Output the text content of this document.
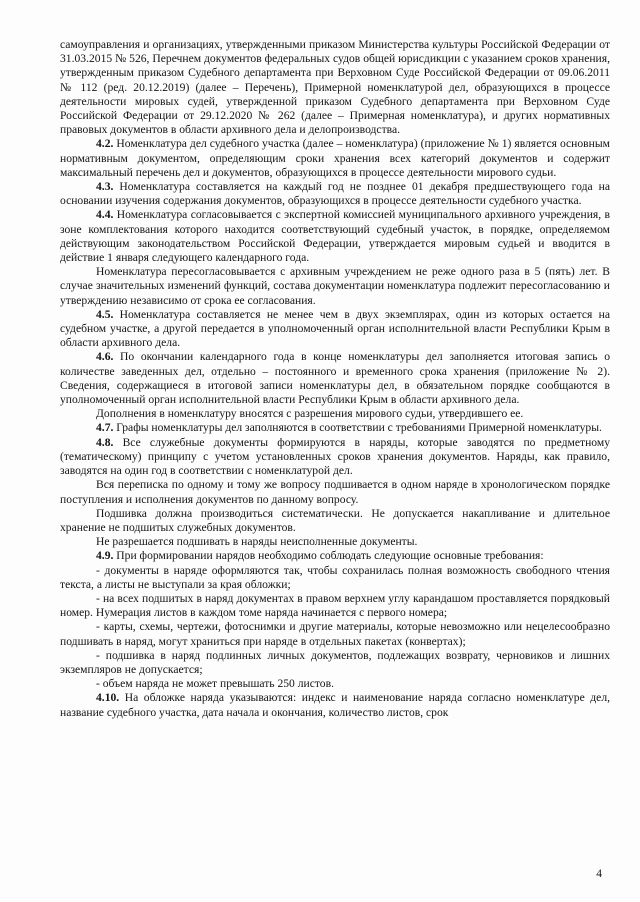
самоуправления и организациях, утвержденными приказом Министерства культуры Российской Федерации от 31.03.2015 № 526, Перечнем документов федеральных судов общей юрисдикции с указанием сроков хранения, утвержденным приказом Судебного департамента при Верховном Суде Российской Федерации от 09.06.2011 № 112 (ред. 20.12.2019) (далее – Перечень), Примерной номенклатурой дел, образующихся в процессе деятельности мировых судей, утвержденной приказом Судебного департамента при Верховном Суде Российской Федерации от 29.12.2020 № 262 (далее – Примерная номенклатура), и других нормативных правовых документов в области архивного дела и делопроизводства.

4.2. Номенклатура дел судебного участка (далее – номенклатура) (приложение № 1) является основным нормативным документом, определяющим сроки хранения всех категорий документов и содержит максимальный перечень дел и документов, образующихся в процессе деятельности мирового судьи.

4.3. Номенклатура составляется на каждый год не позднее 01 декабря предшествующего года на основании изучения содержания документов, образующихся в процессе деятельности судебного участка.

4.4. Номенклатура согласовывается с экспертной комиссией муниципального архивного учреждения, в зоне комплектования которого находится соответствующий судебный участок, в порядке, определяемом действующим законодательством Российской Федерации, утверждается мировым судьей и вводится в действие 1 января следующего календарного года.

Номенклатура пересогласовывается с архивным учреждением не реже одного раза в 5 (пять) лет. В случае значительных изменений функций, состава документации номенклатура подлежит пересогласованию и утверждению независимо от срока ее согласования.

4.5. Номенклатура составляется не менее чем в двух экземплярах, один из которых остается на судебном участке, а другой передается в уполномоченный орган исполнительной власти Республики Крым в области архивного дела.

4.6. По окончании календарного года в конце номенклатуры дел заполняется итоговая запись о количестве заведенных дел, отдельно – постоянного и временного срока хранения (приложение № 2). Сведения, содержащиеся в итоговой записи номенклатуры дел, в обязательном порядке сообщаются в уполномоченный орган исполнительной власти Республики Крым в области архивного дела.

Дополнения в номенклатуру вносятся с разрешения мирового судьи, утвердившего ее.

4.7. Графы номенклатуры дел заполняются в соответствии с требованиями Примерной номенклатуры.

4.8. Все служебные документы формируются в наряды, которые заводятся по предметному (тематическому) принципу с учетом установленных сроков хранения документов. Наряды, как правило, заводятся на один год в соответствии с номенклатурой дел.

Вся переписка по одному и тому же вопросу подшивается в одном наряде в хронологическом порядке поступления и исполнения документов по данному вопросу.

Подшивка должна производиться систематически. Не допускается накапливание и длительное хранение не подшитых служебных документов.

Не разрешается подшивать в наряды неисполненные документы.

4.9. При формировании нарядов необходимо соблюдать следующие основные требования:

- документы в наряде оформляются так, чтобы сохранилась полная возможность свободного чтения текста, а листы не выступали за края обложки;

- на всех подшитых в наряд документах в правом верхнем углу карандашом проставляется порядковый номер. Нумерация листов в каждом томе наряда начинается с первого номера;

- карты, схемы, чертежи, фотоснимки и другие материалы, которые невозможно или нецелесообразно подшивать в наряд, могут храниться при наряде в отдельных пакетах (конвертах);

- подшивка в наряд подлинных личных документов, подлежащих возврату, черновиков и лишних экземпляров не допускается;

- объем наряда не может превышать 250 листов.

4.10. На обложке наряда указываются: индекс и наименование наряда согласно номенклатуре дел, название судебного участка, дата начала и окончания, количество листов, срок

4
